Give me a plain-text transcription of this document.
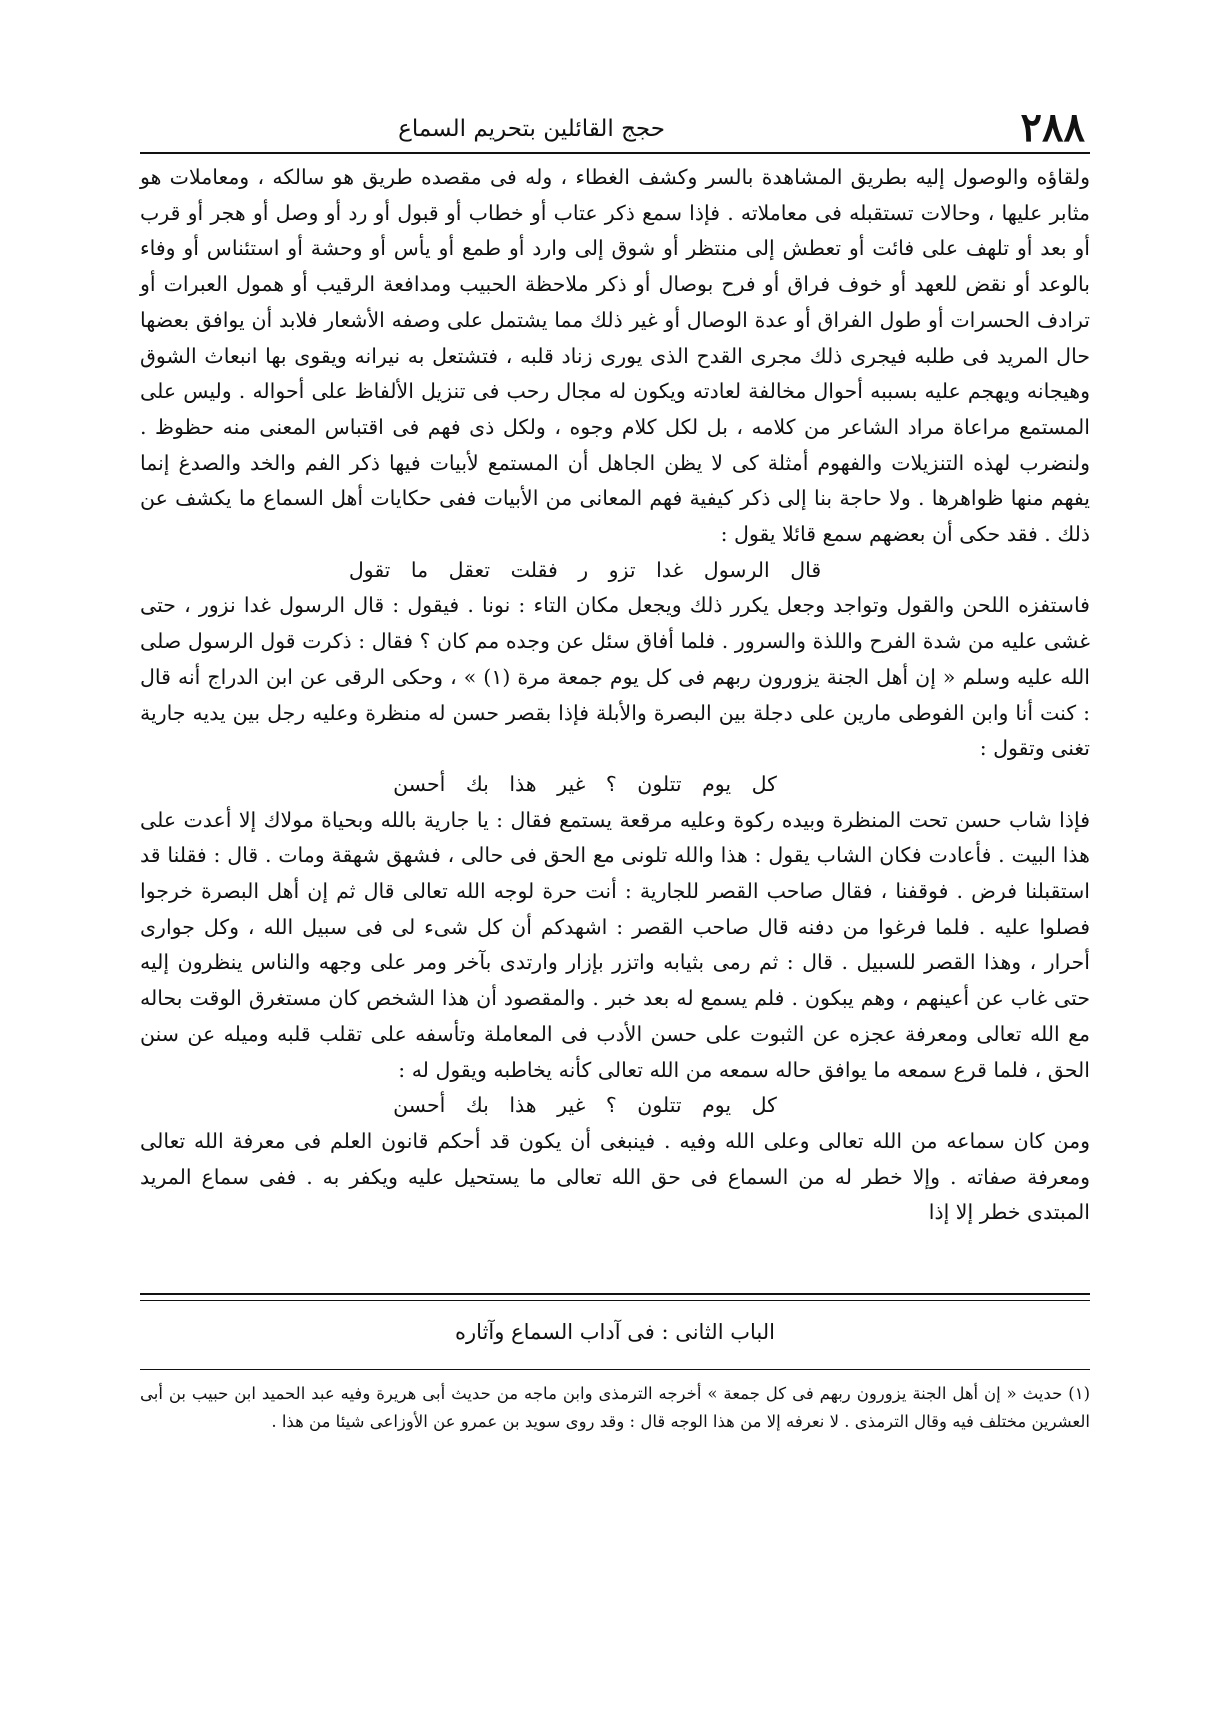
٢٨٨
حجج القائلين بتحريم السماع

ولقاؤه والوصول إليه بطريق المشاهدة بالسر وكشف الغطاء ، وله فى مقصده طريق هو سالكه ، ومعاملات هو مثابر عليها ، وحالات تستقبله فى معاملاته . فإذا سمع ذكر عتاب أو خطاب أو قبول أو رد أو وصل أو هجر أو قرب أو بعد أو تلهف على فائت أو تعطش إلى منتظر أو شوق إلى وارد أو طمع أو يأس أو وحشة أو استئناس أو وفاء بالوعد أو نقض للعهد أو خوف فراق أو فرح بوصال أو ذكر ملاحظة الحبيب ومدافعة الرقيب أو همول العبرات أو ترادف الحسرات أو طول الفراق أو عدة الوصال أو غير ذلك مما يشتمل على وصفه الأشعار فلابد أن يوافق بعضها حال المريد فى طلبه فيجرى ذلك مجرى القدح الذى يورى زناد قلبه ، فتشتعل به نيرانه ويقوى بها انبعاث الشوق وهيجانه ويهجم عليه بسببه أحوال مخالفة لعادته ويكون له مجال رحب فى تنزيل الألفاظ على أحواله . وليس على المستمع مراعاة مراد الشاعر من كلامه ، بل لكل كلام وجوه ، ولكل ذى فهم فى اقتباس المعنى منه حظوظ . ولنضرب لهذه التنزيلات والفهوم أمثلة كى لا يظن الجاهل أن المستمع لأبيات فيها ذكر الفم والخد والصدغ إنما يفهم منها ظواهرها . ولا حاجة بنا إلى ذكر كيفية فهم المعانى من الأبيات ففى حكايات أهل السماع ما يكشف عن ذلك . فقد حكى أن بعضهم سمع قائلا يقول :

قال الرسول غدا تزو ر فقلت تعقل ما تقول

فاستفزه اللحن والقول وتواجد وجعل يكرر ذلك ويجعل مكان التاء : نونا . فيقول : قال الرسول غدا نزور ، حتى غشى عليه من شدة الفرح واللذة والسرور . فلما أفاق سئل عن وجده مم كان ؟ فقال : ذكرت قول الرسول صلى الله عليه وسلم « إن أهل الجنة يزورون ربهم فى كل يوم جمعة مرة (١) » ، وحكى الرقى عن ابن الدراج أنه قال : كنت أنا وابن الفوطى مارين على دجلة بين البصرة والأبلة فإذا بقصر حسن له منظرة وعليه رجل بين يديه جارية تغنى وتقول :

كل يوم تتلون ؟ غير هذا بك أحسن

فإذا شاب حسن تحت المنظرة وبيده ركوة وعليه مرقعة يستمع فقال : يا جارية بالله وبحياة مولاك إلا أعدت على هذا البيت . فأعادت فكان الشاب يقول : هذا والله تلونى مع الحق فى حالى ، فشهق شهقة ومات . قال : فقلنا قد استقبلنا فرض . فوقفنا ، فقال صاحب القصر للجارية : أنت حرة لوجه الله تعالى قال ثم إن أهل البصرة خرجوا فصلوا عليه . فلما فرغوا من دفنه قال صاحب القصر : اشهدكم أن كل شىء لى فى سبيل الله ، وكل جوارى أحرار ، وهذا القصر للسبيل . قال : ثم رمى بثيابه واتزر بإزار وارتدى بآخر ومر على وجهه والناس ينظرون إليه حتى غاب عن أعينهم ، وهم يبكون . فلم يسمع له بعد خبر . والمقصود أن هذا الشخص كان مستغرق الوقت بحاله مع الله تعالى ومعرفة عجزه عن الثبوت على حسن الأدب فى المعاملة وتأسفه على تقلب قلبه وميله عن سنن الحق ، فلما قرع سمعه ما يوافق حاله سمعه من الله تعالى كأنه يخاطبه ويقول له :

كل يوم تتلون ؟ غير هذا بك أحسن

ومن كان سماعه من الله تعالى وعلى الله وفيه . فينبغى أن يكون قد أحكم قانون العلم فى معرفة الله تعالى ومعرفة صفاته . وإلا خطر له من السماع فى حق الله تعالى ما يستحيل عليه ويكفر به . ففى سماع المريد المبتدى خطر إلا إذا

الباب الثانى : فى آداب السماع وآثاره

(١) حديث « إن أهل الجنة يزورون ربهم فى كل جمعة » أخرجه الترمذى وابن ماجه من حديث أبى هريرة وفيه عبد الحميد ابن حبيب بن أبى العشرين مختلف فيه وقال الترمذى . لا نعرفه إلا من هذا الوجه قال : وقد روى سويد بن عمرو عن الأوزاعى شيئا من هذا .
